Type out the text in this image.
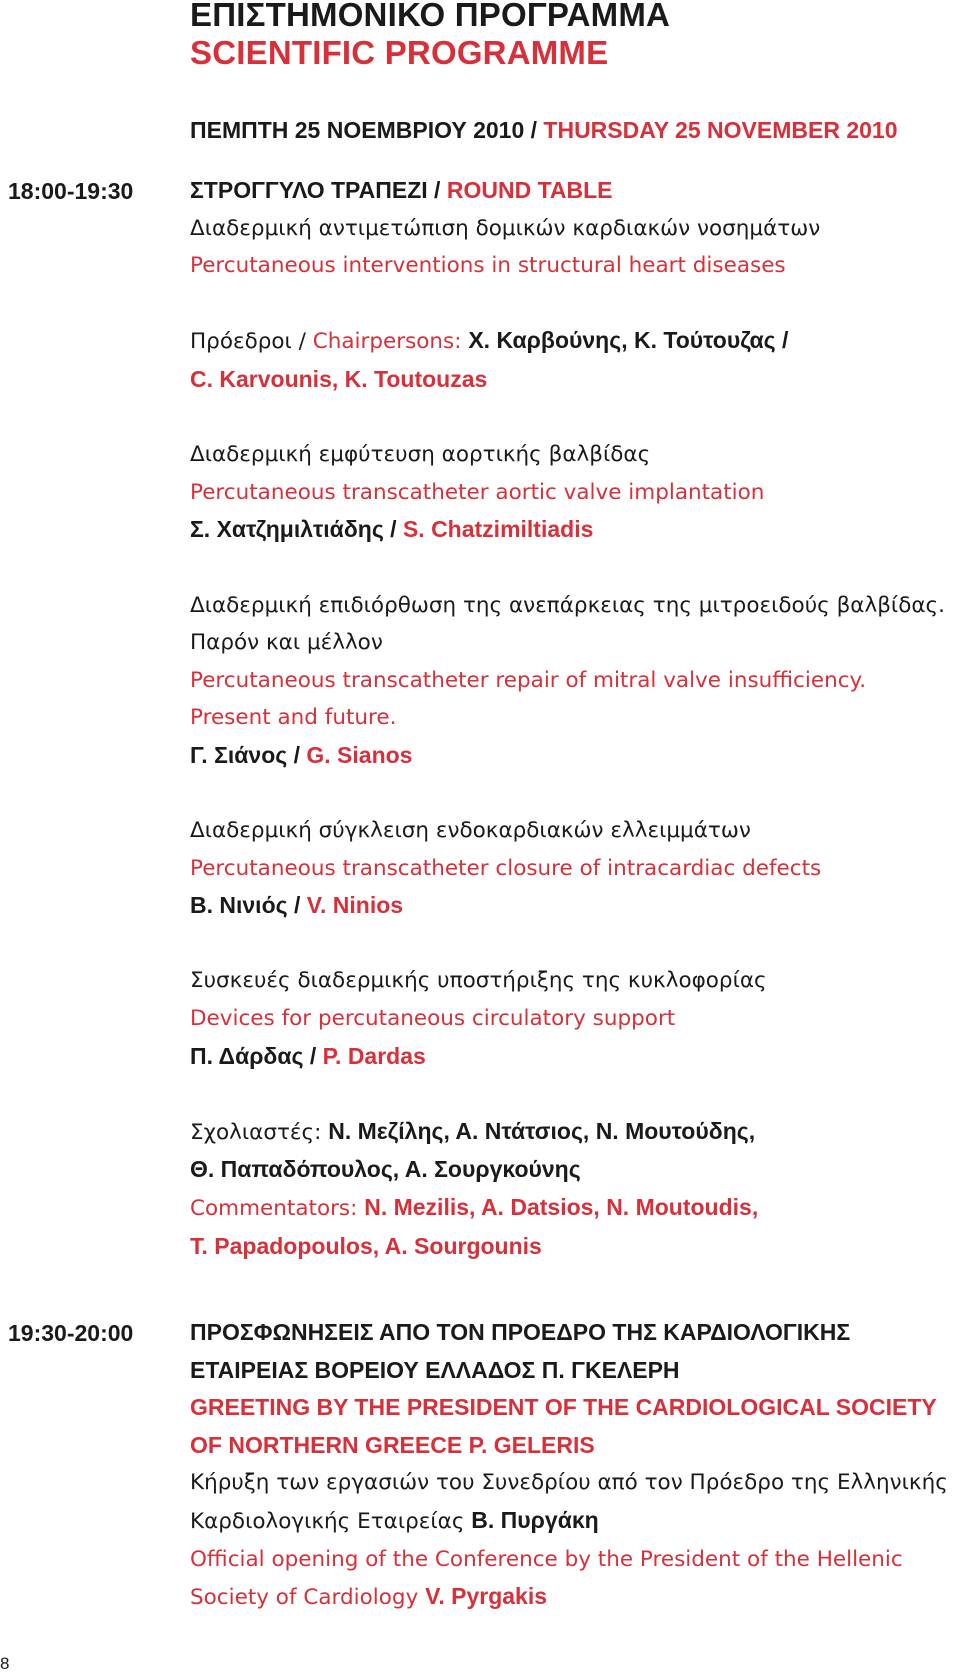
ΕΠΙΣΤΗΜΟΝΙΚΟ ΠΡΟΓΡΑΜΜΑ
SCIENTIFIC PROGRAMME
ΠΕΜΠΤΗ 25 ΝΟΕΜΒΡΙΟΥ 2010 / THURSDAY 25 NOVEMBER 2010
18:00-19:30 ΣΤΡΟΓΓΥΛΟ ΤΡΑΠΕΖΙ / ROUND TABLE
Διαδερμική αντιμετώπιση δομικών καρδιακών νοσημάτων
Percutaneous interventions in structural heart diseases
Πρόεδροι / Chairpersons: Χ. Καρβούνης, Κ. Τούτουζας /
C. Karvounis, K. Toutouzas
Διαδερμική εμφύτευση αορτικής βαλβίδας
Percutaneous transcatheter aortic valve implantation
Σ. Χατζημιλτιάδης / S. Chatzimiltiadis
Διαδερμική επιδιόρθωση της ανεπάρκειας της μιτροειδούς βαλβίδας.
Παρόν και μέλλον
Percutaneous transcatheter repair of mitral valve insufficiency.
Present and future.
Γ. Σιάνος / G. Sianos
Διαδερμική σύγκλειση ενδοκαρδιακών ελλειμμάτων
Percutaneous transcatheter closure of intracardiac defects
Β. Νινιός / V. Ninios
Συσκευές διαδερμικής υποστήριξης της κυκλοφορίας
Devices for percutaneous circulatory support
Π. Δάρδας / P. Dardas
Σχολιαστές: Ν. Μεζίλης, Α. Ντάτσιος, Ν. Μουτούδης,
Θ. Παπαδόπουλος, Α. Σουργκούνης
Commentators: N. Mezilis, A. Datsios, N. Moutoudis,
T. Papadopoulos, A. Sourgounis
19:30-20:00 ΠΡΟΣΦΩΝΗΣΕΙΣ ΑΠΟ ΤΟΝ ΠΡΟΕΔΡΟ ΤΗΣ ΚΑΡΔΙΟΛΟΓΙΚΗΣ
ΕΤΑΙΡΕΙΑΣ ΒΟΡΕΙΟΥ ΕΛΛΑΔΟΣ Π. ΓΚΕΛΕΡΗ
GREETING BY THE PRESIDENT OF THE CARDIOLOGICAL SOCIETY
OF NORTHERN GREECE P. GELERIS
Κήρυξη των εργασιών του Συνεδρίου από τον Πρόεδρο της Ελληνικής
Καρδιολογικής Εταιρείας Β. Πυργάκη
Official opening of the Conference by the President of the Hellenic
Society of Cardiology V. Pyrgakis
8
